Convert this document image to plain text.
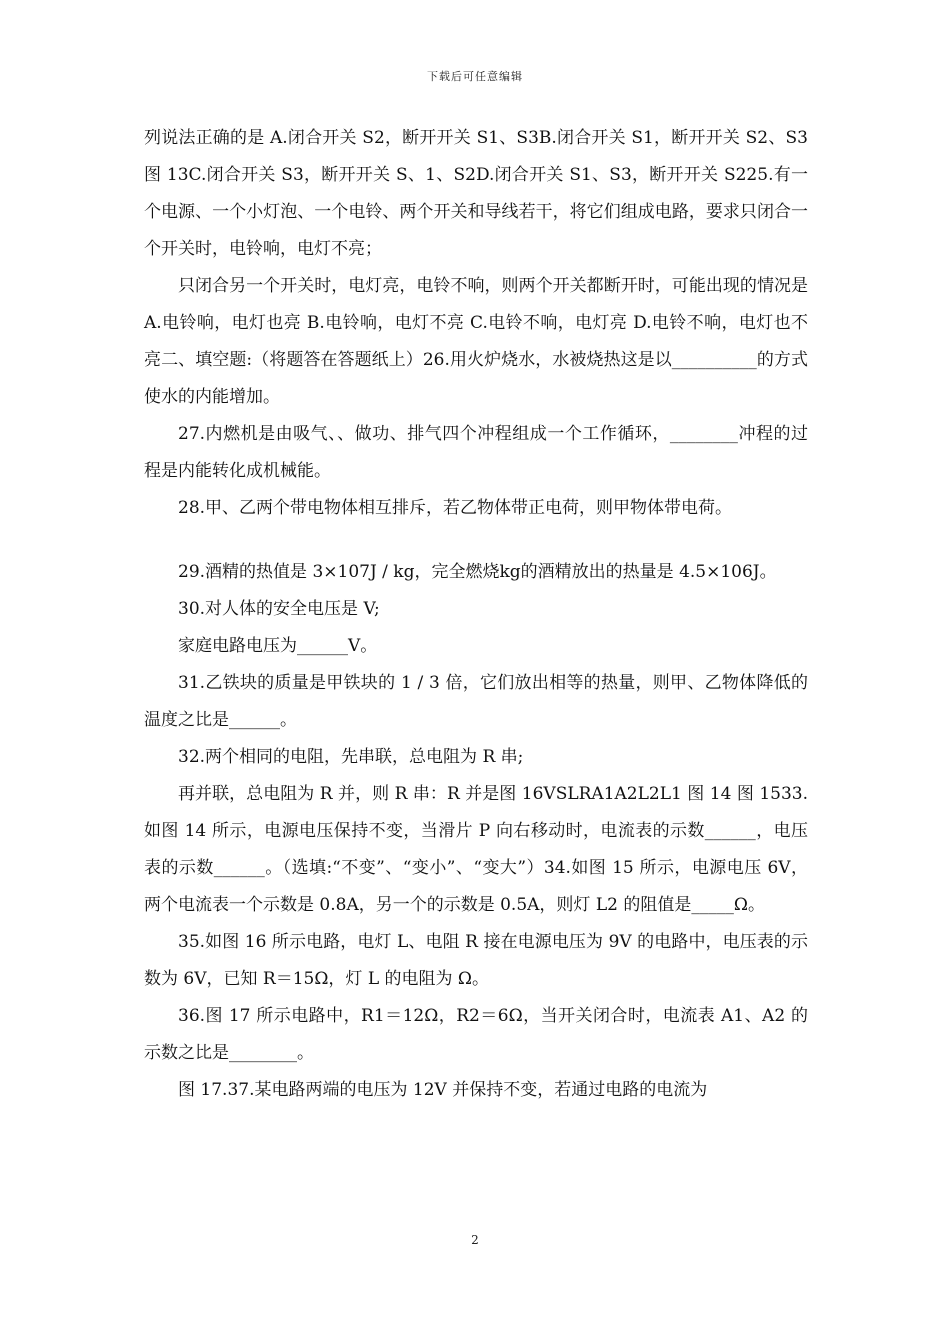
下载后可任意编辑

列说法正确的是 A.闭合开关 S2，断开开关 S1、S3B.闭合开关 S1，断开开关 S2、S3 图 13C.闭合开关 S3，断开开关 S、1、S2D.闭合开关 S1、S3，断开开关 S225.有一个电源、一个小灯泡、一个电铃、两个开关和导线若干，将它们组成电路，要求只闭合一个开关时，电铃响，电灯不亮；

只闭合另一个开关时，电灯亮，电铃不响，则两个开关都断开时，可能出现的情况是 A.电铃响，电灯也亮 B.电铃响，电灯不亮 C.电铃不响，电灯亮 D.电铃不响，电灯也不亮二、填空题:（将题答在答题纸上）26.用火炉烧水，水被烧热这是以__________的方式使水的内能增加。

27.内燃机是由吸气、、做功、排气四个冲程组成一个工作循环，________冲程的过程是内能转化成机械能。

28.甲、乙两个带电物体相互排斥，若乙物体带正电荷，则甲物体带电荷。

29.酒精的热值是 3×107J / kg，完全燃烧kg的酒精放出的热量是 4.5×106J。

30.对人体的安全电压是 V;

家庭电路电压为______V。

31.乙铁块的质量是甲铁块的 1 / 3 倍，它们放出相等的热量，则甲、乙物体降低的温度之比是______。

32.两个相同的电阻，先串联，总电阻为 R 串;

再并联，总电阻为 R 并，则 R 串：R 并是图 16VSLRA1A2L2L1 图 14 图 1533.如图 14 所示，电源电压保持不变，当滑片 P 向右移动时，电流表的示数______，电压表的示数______。（选填:“不变”、“变小”、“变大”）34.如图 15 所示，电源电压 6V，两个电流表一个示数是 0.8A，另一个的示数是 0.5A，则灯 L2 的阻值是_____Ω。

35.如图 16 所示电路，电灯 L、电阻 R 接在电源电压为 9V 的电路中，电压表的示数为 6V，已知 R＝15Ω，灯 L 的电阻为 Ω。

36.图 17 所示电路中，R1＝12Ω，R2＝6Ω，当开关闭合时，电流表 A1、A2 的示数之比是________。

图 17.37.某电路两端的电压为 12V 并保持不变，若通过电路的电流为

2
